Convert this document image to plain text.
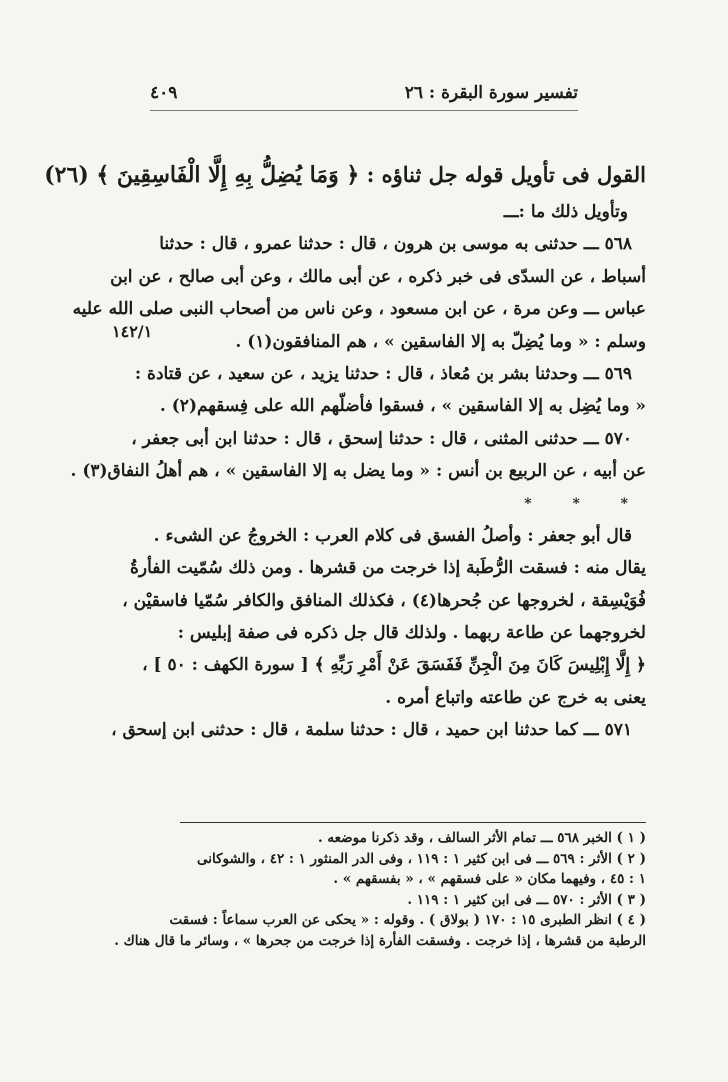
تفسير سورة البقرة : ٢٦
٤٠٩
القول فى تأويل قوله جل ثناؤه : ﴿ وَمَا يُضِلُّ بِهِ إِلَّا الْفَاسِقِينَ ﴾ (٢٦)
١٤٢/١
وتأويل ذلك ما :ـــ
٥٦٨ ـــ حدثنى به موسى بن هرون ، قال : حدثنا عمرو ، قال : حدثنا
أسباط ، عن السدّى فى خبر ذكره ، عن أبى مالك ، وعن أبى صالح ، عن ابن
عباس ـــ وعن مرة ، عن ابن مسعود ، وعن ناس من أصحاب النبى صلى الله عليه
وسلم : « وما يُضِلّ به إلا الفاسقين » ، هم المنافقون(١) .
٥٦٩ ـــ وحدثنا بشر بن مُعاذ ، قال : حدثنا يزيد ، عن سعيد ، عن قتادة :
« وما يُضِل به إلا الفاسقين » ، فسقوا فأضلّهم الله على فِسقهم(٢) .
٥٧٠ ـــ حدثنى المثنى ، قال : حدثنا إسحق ، قال : حدثنا ابن أبى جعفر ،
عن أبيه ، عن الربيع بن أنس : « وما يضل به إلا الفاسقين » ، هم أهلُ النفاق(٣) .
* * *
قال أبو جعفر : وأصلُ الفسق فى كلام العرب : الخروجُ عن الشىء .
يقال منه : فسقت الرُّطَبة إذا خرجت من قشرها . ومن ذلك سُمّيت الفأرةُ
فُوَيْسِقة ، لخروجها عن جُحرها(٤) ، فكذلك المنافق والكافر سُمّيا فاسقيْن ،
لخروجهما عن طاعة ربهما . ولذلك قال جل ذكره فى صفة إبليس :
﴿ إِلَّا إِبْلِيسَ كَانَ مِنَ الْجِنِّ فَفَسَقَ عَنْ أَمْرِ رَبِّهِ ﴾ [ سورة الكهف : ٥٠ ] ،
يعنى به خرج عن طاعته واتباع أمره .
٥٧١ ـــ كما حدثنا ابن حميد ، قال : حدثنا سلمة ، قال : حدثنى ابن إسحق ،
( ١ ) الخبر ٥٦٨ ـــ تمام الأثر السالف ، وقد ذكرنا موضعه .
( ٢ ) الأثر : ٥٦٩ ـــ فى ابن كثير ١ : ١١٩ ، وفى الدر المنثور ١ : ٤٢ ، والشوكانى
١ : ٤٥ ، وفيهما مكان « على فسقهم » ، « بفسقهم » .
( ٣ ) الأثر : ٥٧٠ ـــ فى ابن كثير ١ : ١١٩ .
( ٤ ) انظر الطبرى ١٥ : ١٧٠ ( بولاق ) . وقوله : « يحكى عن العرب سماعاً : فسقت
الرطبة من قشرها ، إذا خرجت . وفسقت الفأرة إذا خرجت من جحرها » ، وسائر ما قال هناك .
